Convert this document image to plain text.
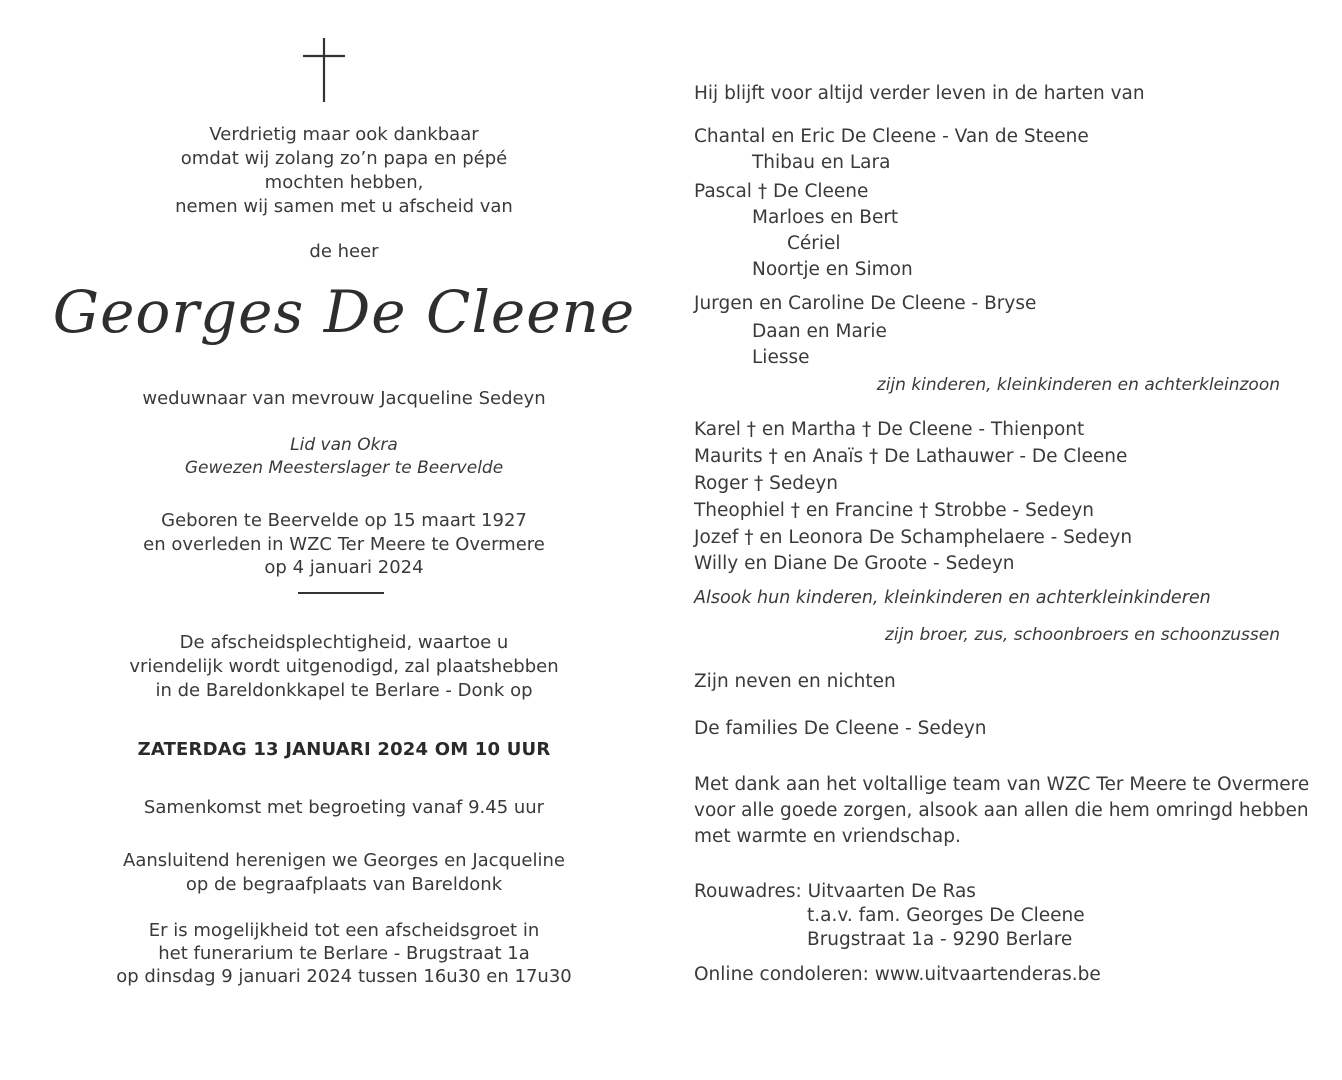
Verdrietig maar ook dankbaar
omdat wij zolang zo’n papa en pépé
mochten hebben,
nemen wij samen met u afscheid van
de heer
Georges De Cleene
weduwnaar van mevrouw Jacqueline Sedeyn
Lid van Okra
Gewezen Meesterslager te Beervelde
Geboren te Beervelde op 15 maart 1927
en overleden in WZC Ter Meere te Overmere
op 4 januari 2024
De afscheidsplechtigheid, waartoe u
vriendelijk wordt uitgenodigd, zal plaatshebben
in de Bareldonkkapel te Berlare - Donk op
ZATERDAG 13 JANUARI 2024 OM 10 UUR
Samenkomst met begroeting vanaf 9.45 uur
Aansluitend herenigen we Georges en Jacqueline
op de begraafplaats van Bareldonk
Er is mogelijkheid tot een afscheidsgroet in
het funerarium te Berlare - Brugstraat 1a
op dinsdag 9 januari 2024 tussen 16u30 en 17u30
Hij blijft voor altijd verder leven in de harten van
Chantal en Eric De Cleene - Van de Steene
Thibau en Lara
Pascal † De Cleene
Marloes en Bert
Cériel
Noortje en Simon
Jurgen en Caroline De Cleene - Bryse
Daan en Marie
Liesse
zijn kinderen, kleinkinderen en achterkleinzoon
Karel † en Martha † De Cleene - Thienpont
Maurits † en Anaïs † De Lathauwer - De Cleene
Roger † Sedeyn
Theophiel † en Francine † Strobbe - Sedeyn
Jozef † en Leonora De Schamphelaere - Sedeyn
Willy en Diane De Groote - Sedeyn
Alsook hun kinderen, kleinkinderen en achterkleinkinderen
zijn broer, zus, schoonbroers en schoonzussen
Zijn neven en nichten
De families De Cleene - Sedeyn
Met dank aan het voltallige team van WZC Ter Meere te Overmere
voor alle goede zorgen, alsook aan allen die hem omringd hebben
met warmte en vriendschap.
Rouwadres: Uitvaarten De Ras
t.a.v. fam. Georges De Cleene
Brugstraat 1a - 9290 Berlare
Online condoleren: www.uitvaartenderas.be
